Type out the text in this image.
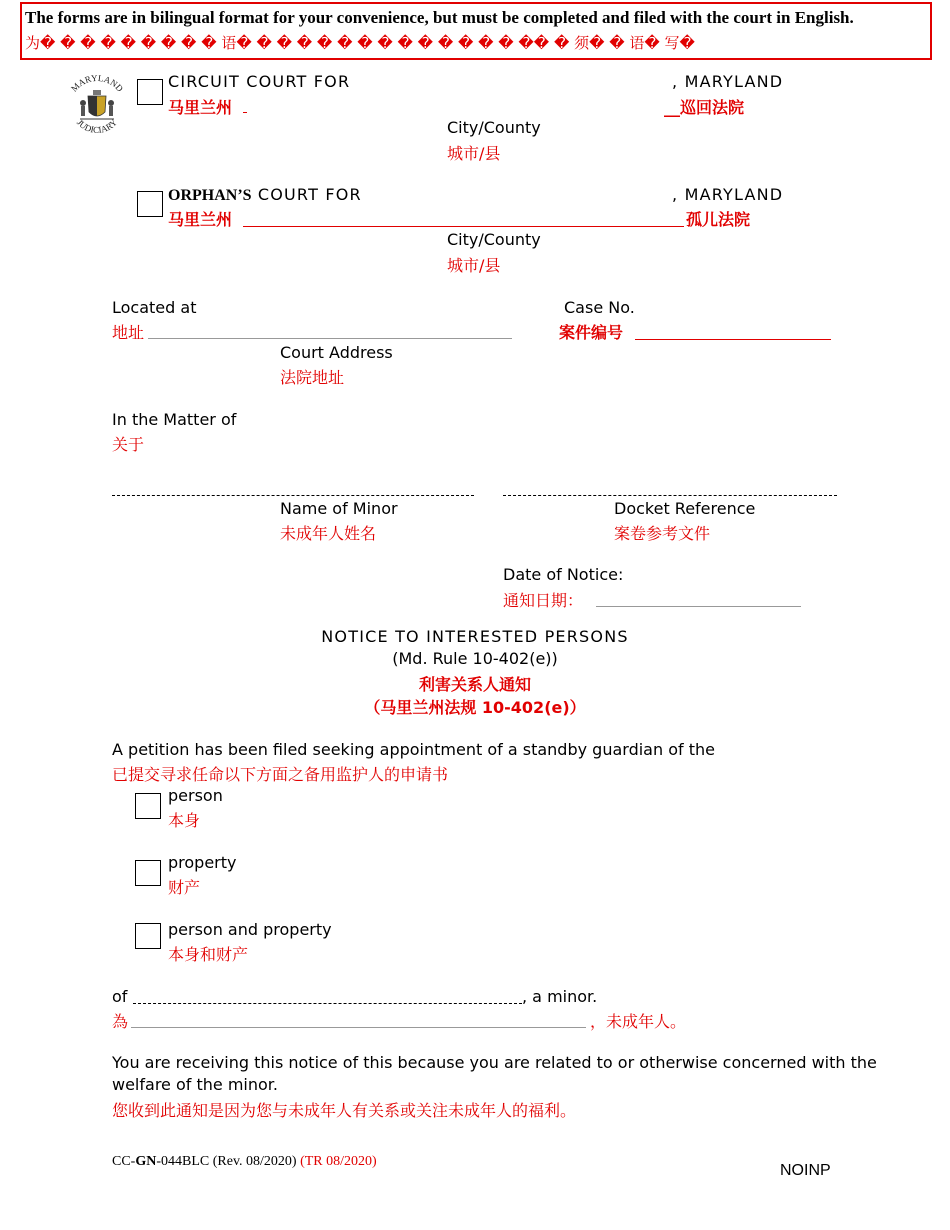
The forms are in bilingual format for your convenience, but must be completed and filed with the court in English.
为� � � � � � � � � 语� � � � � � � � � � � � � � �� � 须� � 语� 写�
MARYLAND
JUDICIARY
CIRCUIT COURT FOR	, MARYLAND
马里兰州	__巡回法院
City/County
城市/县
ORPHAN’S COURT FOR	, MARYLAND
马里兰州	孤儿法院
City/County
城市/县
Located at
地址
Court Address
法院地址
Case No.
案件编号
In the Matter of
关于
Name of Minor
未成年人姓名
Docket Reference
案卷参考文件
Date of Notice:
通知日期：
NOTICE TO INTERESTED PERSONS
(Md. Rule 10-402(e))
利害关系人通知
（马里兰州法规 10-402(e)）
A petition has been filed seeking appointment of a standby guardian of the
已提交寻求任命以下方面之备用监护人的申请书
person
本身
property
财产
person and property
本身和财产
of	, a minor.
為	，未成年人。
You are receiving this notice of this because you are related to or otherwise concerned with the
welfare of the minor.
您收到此通知是因为您与未成年人有关系或关注未成年人的福利。
CC-GN-044BLC (Rev. 08/2020) (TR 08/2020)
NOINP
